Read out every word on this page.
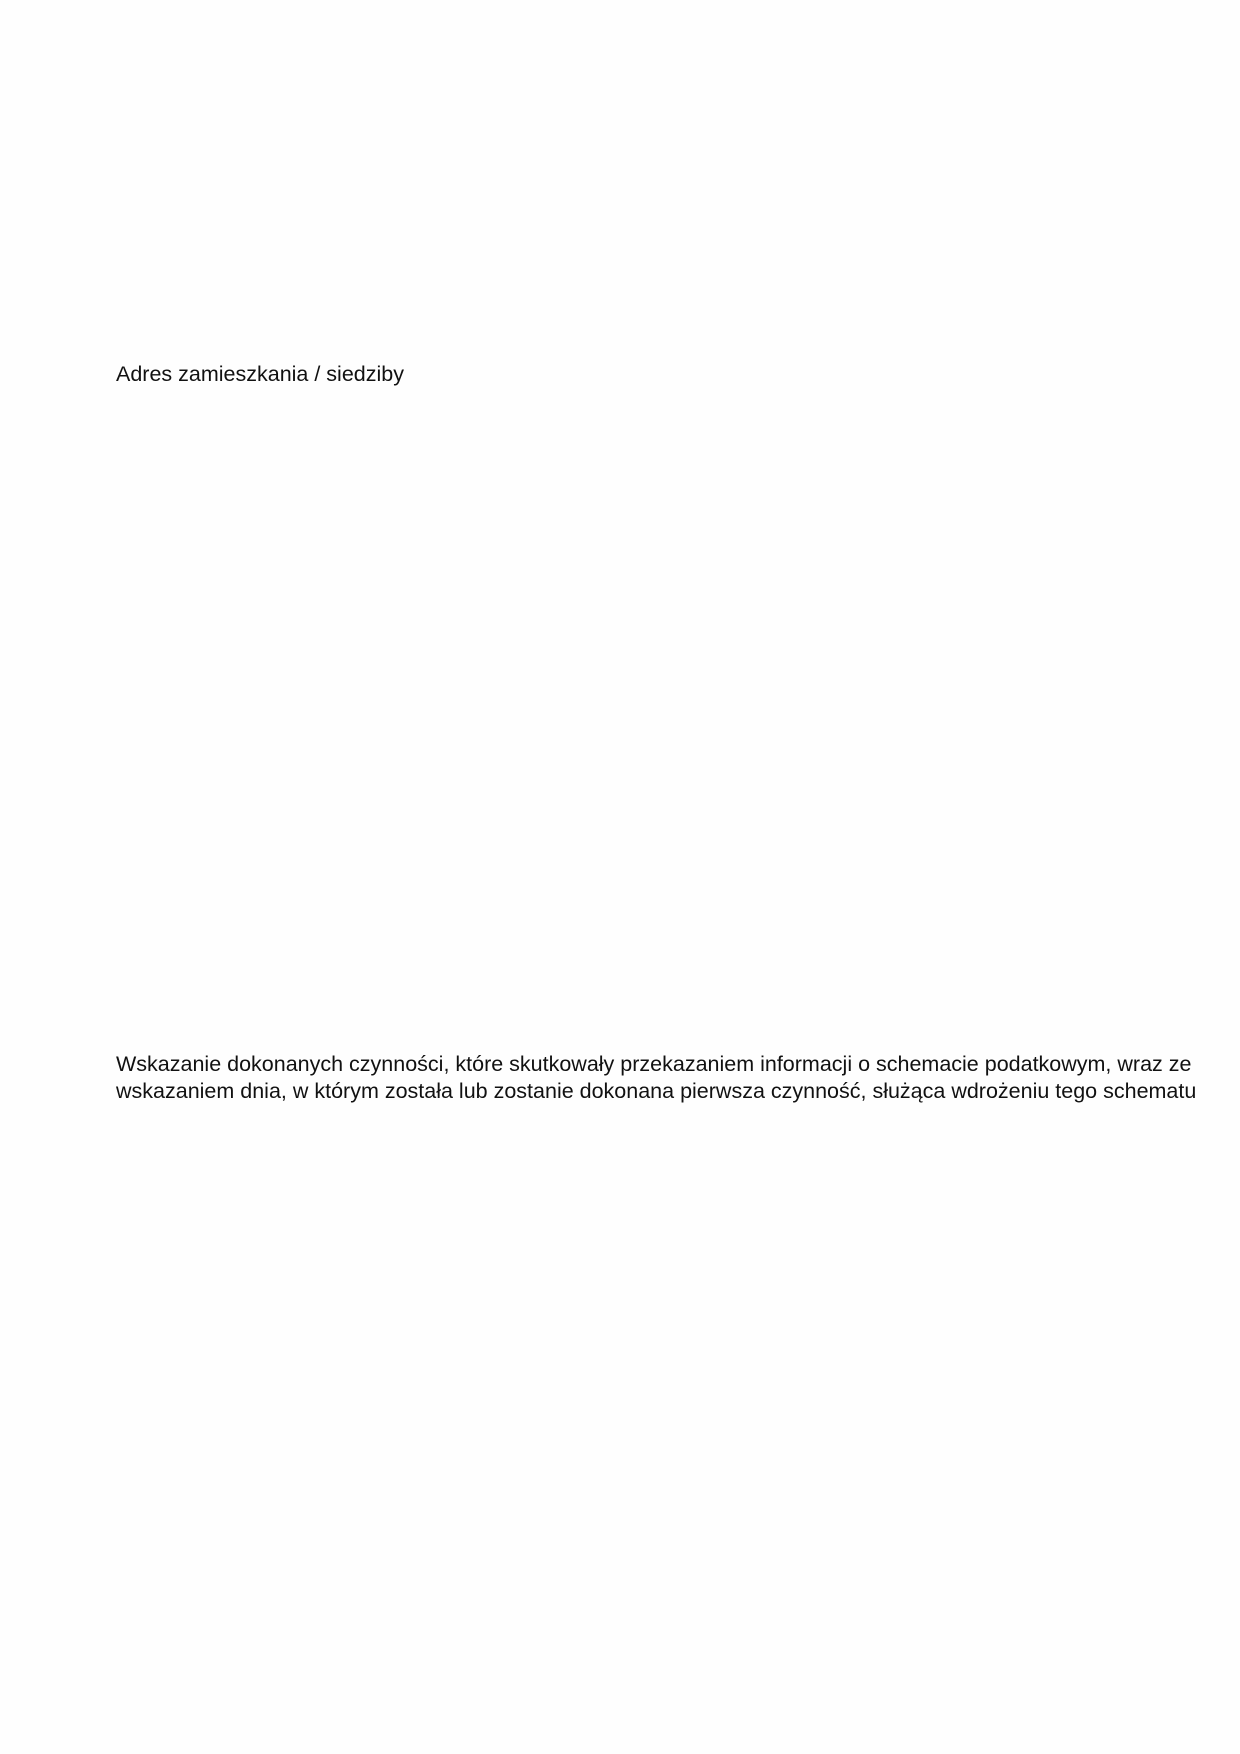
Adres zamieszkania / siedziby

Wskazanie dokonanych czynności, które skutkowały przekazaniem informacji o schemacie podatkowym, wraz ze
wskazaniem dnia, w którym została lub zostanie dokonana pierwsza czynność, służąca wdrożeniu tego schematu
